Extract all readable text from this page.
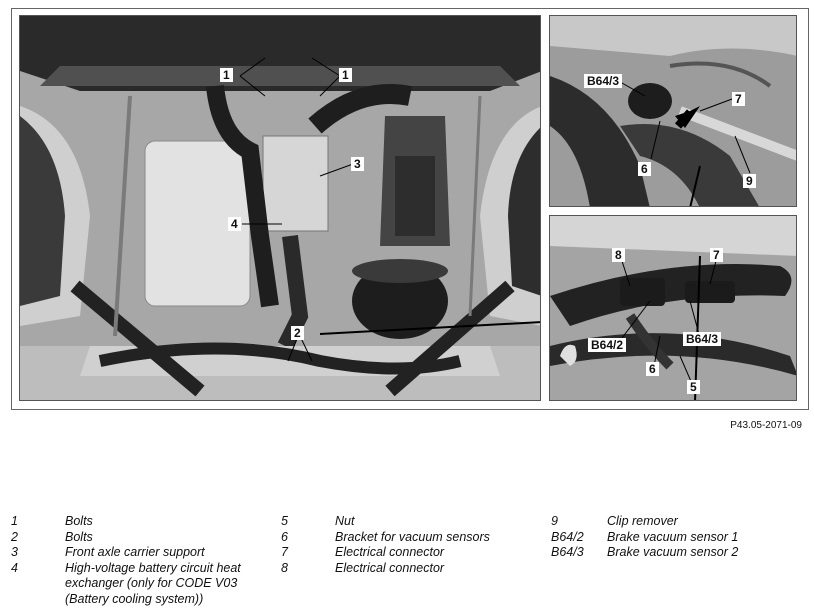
1	1
3
4
2
B64/3
7
6
9
8	7
B64/2	B64/3
6
5
P43.05-2071-09
1	Bolts
2	Bolts
3	Front axle carrier support
4	High-voltage battery circuit heat exchanger (only for CODE V03 (Battery cooling system))
5	Nut
6	Bracket for vacuum sensors
7	Electrical connector
8	Electrical connector
9	Clip remover
B64/2	Brake vacuum sensor 1
B64/3	Brake vacuum sensor 2
